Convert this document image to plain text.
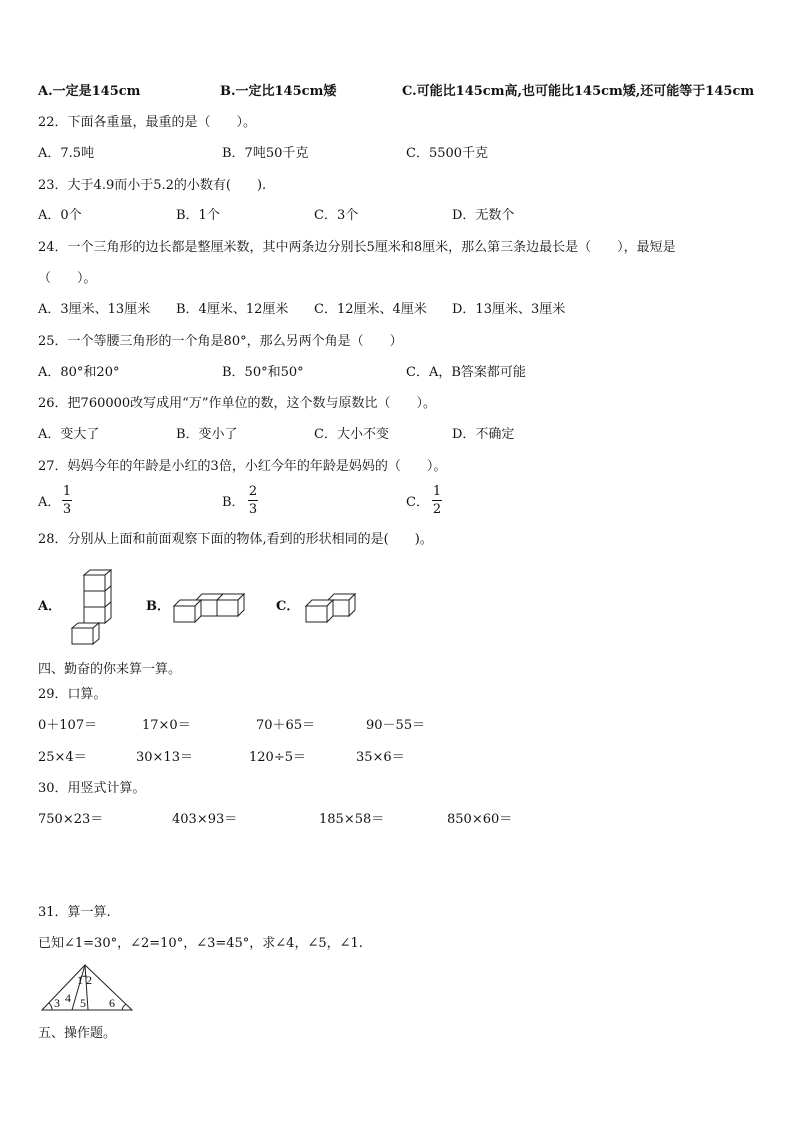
A.一定是145cm	B.一定比145cm矮	C.可能比145cm高,也可能比145cm矮,还可能等于145cm
22．下面各重量，最重的是（　　）。
A．7.5吨	B．7吨50千克	C．5500千克
23．大于4.9而小于5.2的小数有(　　).
A．0个	B．1个	C．3个	D．无数个
24．一个三角形的边长都是整厘米数，其中两条边分别长5厘米和8厘米，那么第三条边最长是（　　），最短是
（　　）。
A．3厘米、13厘米 B．4厘米、12厘米 C．12厘米、4厘米 D．13厘米、3厘米
25．一个等腰三角形的一个角是80°，那么另两个角是（　　）
A．80°和20°	B．50°和50°	C．A，B答案都可能
26．把760000改写成用“万”作单位的数，这个数与原数比（　　）。
A．变大了	B．变小了	C．大小不变	D．不确定
27．妈妈今年的年龄是小红的3倍，小红今年的年龄是妈妈的（　　）。
A．
1
3	B．
2
3	C．
1
2
28．分别从上面和前面观察下面的物体,看到的形状相同的是(　　)。
A．	B．	C．
四、勤奋的你来算一算。
29．口算。
0＋107＝	17×0＝	70＋65＝	90－55＝
25×4＝	30×13＝	120÷5＝	35×6＝
30．用竖式计算。
750×23＝	403×93＝	185×58＝	850×60＝
31．算一算.
已知∠1=30°，∠2=10°，∠3=45°，求∠4，∠5，∠1.
1 2
3 4 5 6
五、操作题。
